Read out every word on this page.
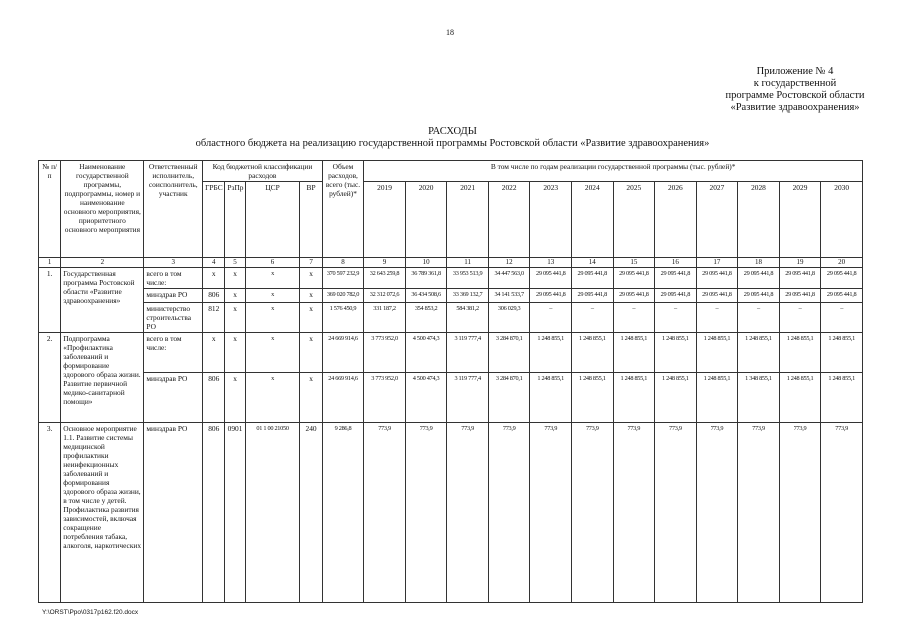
18
Приложение № 4
к государственной
программе Ростовской области
«Развитие здравоохранения»
РАСХОДЫ
областного бюджета на реализацию государственной программы Ростовской области «Развитие здравоохранения»
№ п/п	Наименование государственной программы, подпрограммы, номер и наименование основного мероприятия, приоритетного основного мероприятия	Ответственный исполнитель, соисполнитель, участник	Код бюджетной классификации расходов				Объем расходов, всего (тыс. рублей)*	В том числе по годам реализации государственной программы (тыс. рублей)*											
			ГРБС	РзПр	ЦСР	ВР		2019	2020	2021	2022	2023	2024	2025	2026	2027	2028	2029	2030
1	2	3	4	5	6	7	8	9	10	11	12	13	14	15	16	17	18	19	20
1.	Государственная программа Ростовской области «Развитие здравоохранения»	всего в том числе:	х	х	х	х	370 597 232,9	32 643 259,8	36 789 361,8	33 953 513,9	34 447 563,0	29 095 441,8	29 095 441,8	29 095 441,8	29 095 441,8	29 095 441,8	29 095 441,8	29 095 441,8	29 095 441,8
		минздрав РО	806	х	х	х	369 020 782,0	32 312 072,6	36 434 508,6	33 369 132,7	34 141 533,7	29 095 441,8	29 095 441,8	29 095 441,8	29 095 441,8	29 095 441,8	29 095 441,8	29 095 441,8	29 095 441,8
		министерство строительства РО	812	х	х	х	1 576 450,9	331 187,2	354 853,2	584 381,2	306 029,3	–	–	–	–	–	–	–	–
2.	Подпрограмма «Профилактика заболеваний и формирование здорового образа жизни. Развитие первичной медико-санитарной помощи»	всего в том числе:	х	х	х	х	24 669 914,6	3 773 952,0	4 500 474,3	3 119 777,4	3 284 870,1	1 248 855,1	1 248 855,1	1 248 855,1	1 248 855,1	1 248 855,1	1 248 855,1	1 248 855,1	1 248 855,1
		минздрав РО	806	х	х	х	24 669 914,6	3 773 952,0	4 500 474,3	3 119 777,4	3 284 870,1	1 248 855,1	1 248 855,1	1 248 855,1	1 248 855,1	1 248 855,1	1 348 855,1	1 248 855,1	1 248 855,1
3.	Основное мероприятие 1.1. Развитие системы медицинской профилактики неинфекционных заболеваний и формирования здорового образа жизни, в том числе у детей. Профилактика развития зависимостей, включая сокращение потребления табака, алкоголя, наркотических	минздрав РО	806	0901	01 1 00 21050	240	9 286,8	773,9	773,9	773,9	773,9	773,9	773,9	773,9	773,9	773,9	773,9	773,9	773,9
Y:\ORST\Ppo\0317p162.f20.docx
